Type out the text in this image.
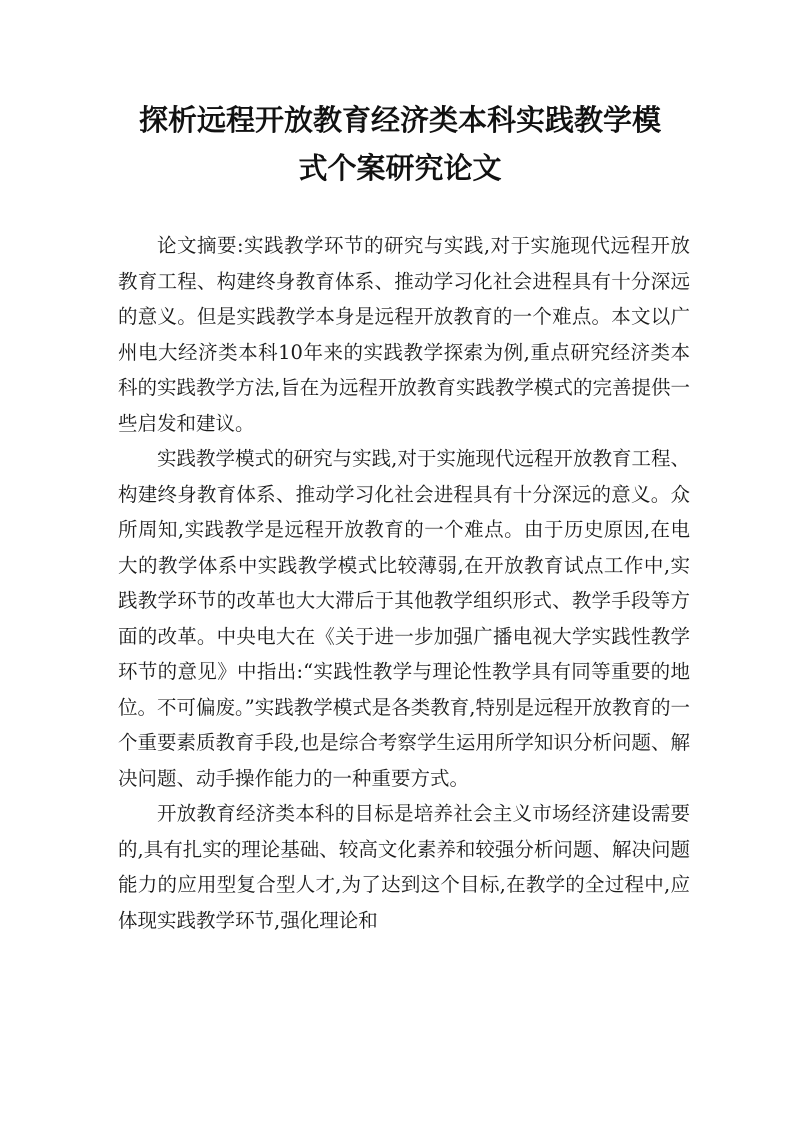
探析远程开放教育经济类本科实践教学模
式个案研究论文

论文摘要:实践教学环节的研究与实践,对于实施现代远程开放教育工程、构建终身教育体系、推动学习化社会进程具有十分深远的意义。但是实践教学本身是远程开放教育的一个难点。本文以广州电大经济类本科10年来的实践教学探索为例,重点研究经济类本科的实践教学方法,旨在为远程开放教育实践教学模式的完善提供一些启发和建议。

实践教学模式的研究与实践,对于实施现代远程开放教育工程、构建终身教育体系、推动学习化社会进程具有十分深远的意义。众所周知,实践教学是远程开放教育的一个难点。由于历史原因,在电大的教学体系中实践教学模式比较薄弱,在开放教育试点工作中,实践教学环节的改革也大大滞后于其他教学组织形式、教学手段等方面的改革。中央电大在《关于进一步加强广播电视大学实践性教学环节的意见》中指出:“实践性教学与理论性教学具有同等重要的地位。不可偏废。”实践教学模式是各类教育,特别是远程开放教育的一个重要素质教育手段,也是综合考察学生运用所学知识分析问题、解决问题、动手操作能力的一种重要方式。

开放教育经济类本科的目标是培养社会主义市场经济建设需要的,具有扎实的理论基础、较高文化素养和较强分析问题、解决问题能力的应用型复合型人才,为了达到这个目标,在教学的全过程中,应体现实践教学环节,强化理论和
